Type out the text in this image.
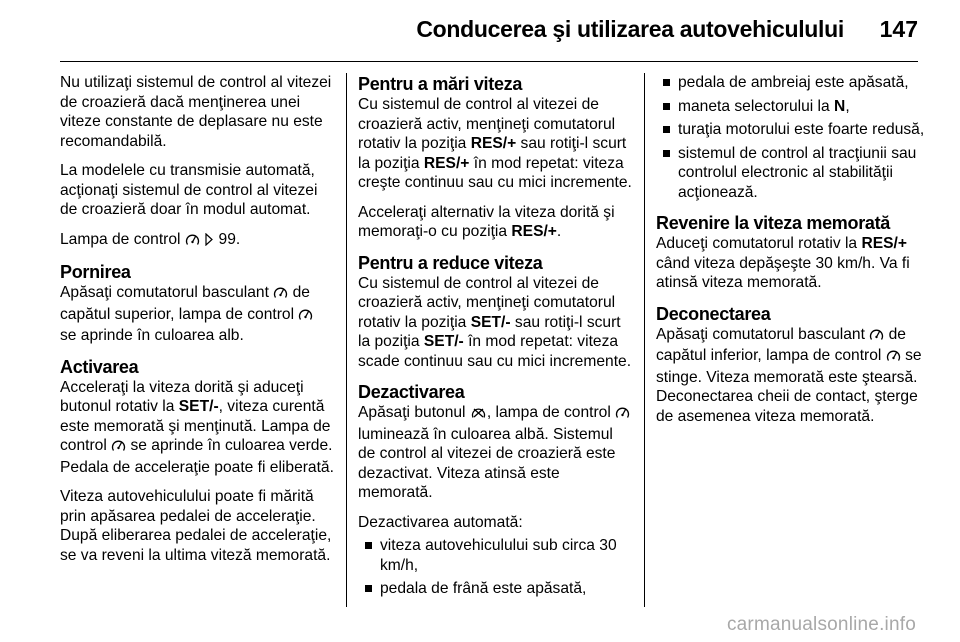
Conducerea şi utilizarea autovehiculului 147

Nu utilizaţi sistemul de control al vitezei de croazieră dacă menţinerea unei viteze constante de deplasare nu este recomandabilă.

La modelele cu transmisie automată, acţionaţi sistemul de control al vitezei de croazieră doar în modul automat.

Lampa de control 99.

Pornirea

Apăsaţi comutatorul basculant de capătul superior, lampa de control  se aprinde în culoarea alb.

Activarea

Acceleraţi la viteza dorită şi aduceţi butonul rotativ la SET/-, viteza curentă este memorată şi menţinută. Lampa de control se aprinde în culoarea verde. Pedala de acceleraţie poate fi eliberată.

Viteza autovehiculului poate fi mărită prin apăsarea pedalei de acceleraţie. După eliberarea pedalei de acceleraţie, se va reveni la ultima viteză memorată.

Pentru a mări viteza

Cu sistemul de control al vitezei de croazieră activ, menţineţi comutatorul rotativ la poziţia RES/+ sau rotiţi-l scurt la poziţia RES/+ în mod repetat: viteza creşte continuu sau cu mici incremente.

Acceleraţi alternativ la viteza dorită şi memoraţi-o cu poziţia RES/+.

Pentru a reduce viteza

Cu sistemul de control al vitezei de croazieră activ, menţineţi comutatorul rotativ la poziţia SET/- sau rotiţi-l scurt la poziţia SET/- în mod repetat: viteza scade continuu sau cu mici incremente.

Dezactivarea

Apăsaţi butonul , lampa de control  luminează în culoarea albă. Sistemul de control al vitezei de croazieră este dezactivat. Viteza atinsă este memorată.

Dezactivarea automată:

viteza autovehiculului sub circa 30 km/h,
pedala de frână este apăsată,
pedala de ambreiaj este apăsată,
maneta selectorului la N,
turaţia motorului este foarte redusă,
sistemul de control al tracţiunii sau controlul electronic al stabilităţii acţionează.
Revenire la viteza memorată

Aduceţi comutatorul rotativ la RES/+ când viteza depăşeşte 30 km/h. Va fi atinsă viteza memorată.

Deconectarea

Apăsaţi comutatorul basculant de capătul inferior, lampa de control se stinge. Viteza memorată este ştearsă. Deconectarea cheii de contact, şterge de asemenea viteza memorată.

carmanualsonline.info
